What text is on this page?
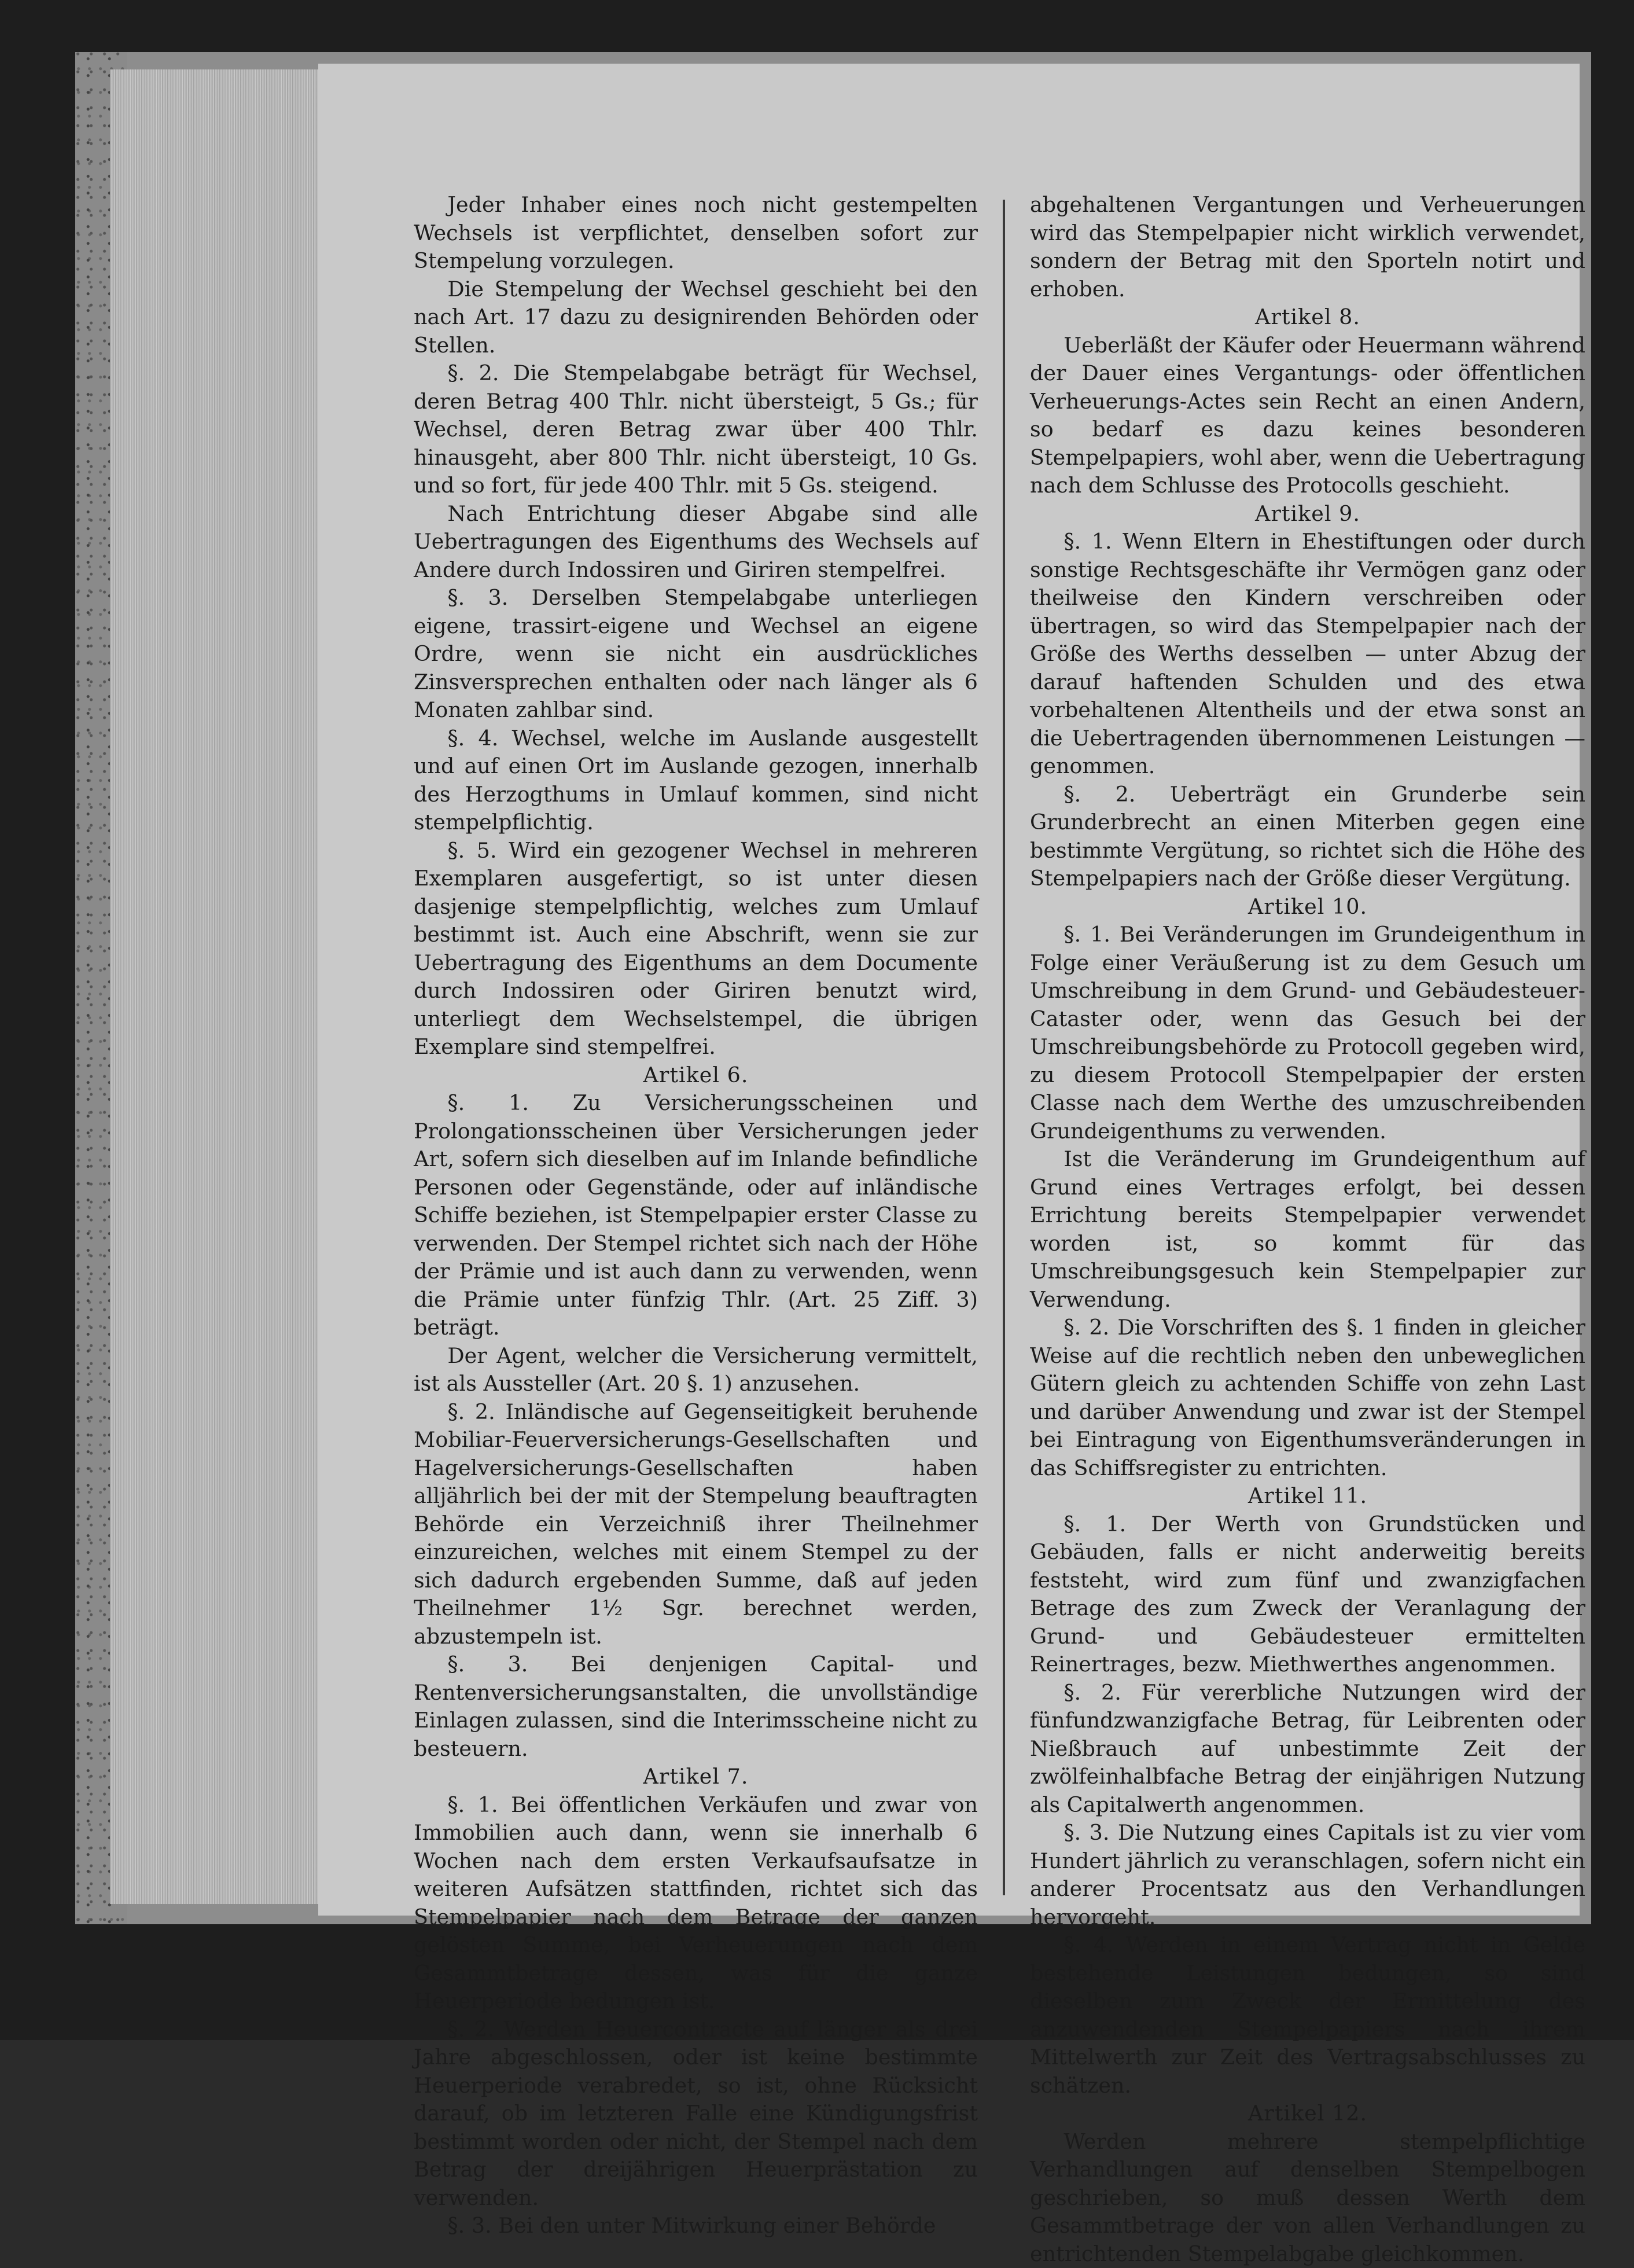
Jeder Inhaber eines noch nicht gestempelten Wechsels ist verpflichtet, denselben sofort zur Stempelung vorzulegen.

Die Stempelung der Wechsel geschieht bei den nach Art. 17 dazu zu designirenden Behörden oder Stellen.

§. 2. Die Stempelabgabe beträgt für Wechsel, deren Betrag 400 Thlr. nicht übersteigt, 5 Gs.; für Wechsel, deren Betrag zwar über 400 Thlr. hinausgeht, aber 800 Thlr. nicht übersteigt, 10 Gs. und so fort, für jede 400 Thlr. mit 5 Gs. steigend.

Nach Entrichtung dieser Abgabe sind alle Uebertragungen des Eigenthums des Wechsels auf Andere durch Indossiren und Giriren stempelfrei.

§. 3. Derselben Stempelabgabe unterliegen eigene, trassirt-eigene und Wechsel an eigene Ordre, wenn sie nicht ein ausdrückliches Zinsversprechen enthalten oder nach länger als 6 Monaten zahlbar sind.

§. 4. Wechsel, welche im Auslande ausgestellt und auf einen Ort im Auslande gezogen, innerhalb des Herzogthums in Umlauf kommen, sind nicht stempelpflichtig.

§. 5. Wird ein gezogener Wechsel in mehreren Exemplaren ausgefertigt, so ist unter diesen dasjenige stempelpflichtig, welches zum Umlauf bestimmt ist. Auch eine Abschrift, wenn sie zur Uebertragung des Eigenthums an dem Documente durch Indossiren oder Giriren benutzt wird, unterliegt dem Wechselstempel, die übrigen Exemplare sind stempelfrei.

Artikel 6.

§. 1. Zu Versicherungsscheinen und Prolongationsscheinen über Versicherungen jeder Art, sofern sich dieselben auf im Inlande befindliche Personen oder Gegenstände, oder auf inländische Schiffe beziehen, ist Stempelpapier erster Classe zu verwenden. Der Stempel richtet sich nach der Höhe der Prämie und ist auch dann zu verwenden, wenn die Prämie unter fünfzig Thlr. (Art. 25 Ziff. 3) beträgt.

Der Agent, welcher die Versicherung vermittelt, ist als Aussteller (Art. 20 §. 1) anzusehen.

§. 2. Inländische auf Gegenseitigkeit beruhende Mobiliar-Feuerversicherungs-Gesellschaften und Hagelversicherungs-Gesellschaften haben alljährlich bei der mit der Stempelung beauftragten Behörde ein Verzeichniß ihrer Theilnehmer einzureichen, welches mit einem Stempel zu der sich dadurch ergebenden Summe, daß auf jeden Theilnehmer 1½ Sgr. berechnet werden, abzustempeln ist.

§. 3. Bei denjenigen Capital- und Rentenversicherungsanstalten, die unvollständige Einlagen zulassen, sind die Interimsscheine nicht zu besteuern.

Artikel 7.

§. 1. Bei öffentlichen Verkäufen und zwar von Immobilien auch dann, wenn sie innerhalb 6 Wochen nach dem ersten Verkaufsaufsatze in weiteren Aufsätzen stattfinden, richtet sich das Stempelpapier nach dem Betrage der ganzen gelösten Summe, bei Verheuerungen nach dem Gesammtbetrage dessen, was für die ganze Heuerperiode bedungen ist.

§. 2. Werden Heuercontracte auf länger als drei Jahre abgeschlossen, oder ist keine bestimmte Heuerperiode verabredet, so ist, ohne Rücksicht darauf, ob im letzteren Falle eine Kündigungsfrist bestimmt worden oder nicht, der Stempel nach dem Betrag der dreijährigen Heuerprästation zu verwenden.

§. 3. Bei den unter Mitwirkung einer Behörde

abgehaltenen Vergantungen und Verheuerungen wird das Stempelpapier nicht wirklich verwendet, sondern der Betrag mit den Sporteln notirt und erhoben.

Artikel 8.

Ueberläßt der Käufer oder Heuermann während der Dauer eines Vergantungs- oder öffentlichen Verheuerungs-Actes sein Recht an einen Andern, so bedarf es dazu keines besonderen Stempelpapiers, wohl aber, wenn die Uebertragung nach dem Schlusse des Protocolls geschieht.

Artikel 9.

§. 1. Wenn Eltern in Ehestiftungen oder durch sonstige Rechtsgeschäfte ihr Vermögen ganz oder theilweise den Kindern verschreiben oder übertragen, so wird das Stempelpapier nach der Größe des Werths desselben — unter Abzug der darauf haftenden Schulden und des etwa vorbehaltenen Altentheils und der etwa sonst an die Uebertragenden übernommenen Leistungen — genommen.

§. 2. Ueberträgt ein Grunderbe sein Grunderbrecht an einen Miterben gegen eine bestimmte Vergütung, so richtet sich die Höhe des Stempelpapiers nach der Größe dieser Vergütung.

Artikel 10.

§. 1. Bei Veränderungen im Grundeigenthum in Folge einer Veräußerung ist zu dem Gesuch um Umschreibung in dem Grund- und Gebäudesteuer-Cataster oder, wenn das Gesuch bei der Umschreibungsbehörde zu Protocoll gegeben wird, zu diesem Protocoll Stempelpapier der ersten Classe nach dem Werthe des umzuschreibenden Grundeigenthums zu verwenden.

Ist die Veränderung im Grundeigenthum auf Grund eines Vertrages erfolgt, bei dessen Errichtung bereits Stempelpapier verwendet worden ist, so kommt für das Umschreibungsgesuch kein Stempelpapier zur Verwendung.

§. 2. Die Vorschriften des §. 1 finden in gleicher Weise auf die rechtlich neben den unbeweglichen Gütern gleich zu achtenden Schiffe von zehn Last und darüber Anwendung und zwar ist der Stempel bei Eintragung von Eigenthumsveränderungen in das Schiffsregister zu entrichten.

Artikel 11.

§. 1. Der Werth von Grundstücken und Gebäuden, falls er nicht anderweitig bereits feststeht, wird zum fünf und zwanzigfachen Betrage des zum Zweck der Veranlagung der Grund- und Gebäudesteuer ermittelten Reinertrages, bezw. Miethwerthes angenommen.

§. 2. Für vererbliche Nutzungen wird der fünfundzwanzigfache Betrag, für Leibrenten oder Nießbrauch auf unbestimmte Zeit der zwölfeinhalbfache Betrag der einjährigen Nutzung als Capitalwerth angenommen.

§. 3. Die Nutzung eines Capitals ist zu vier vom Hundert jährlich zu veranschlagen, sofern nicht ein anderer Procentsatz aus den Verhandlungen hervorgeht.

§. 4. Werden in einem Vertrag nicht in Gelde bestehende Leistungen bedungen, so sind dieselben zum Zweck der Ermittelung des anzuwendenden Stempelpapiers nach ihrem Mittelwerth zur Zeit des Vertragsabschlusses zu schätzen.

Artikel 12.

Werden mehrere stempelpflichtige Verhandlungen auf denselben Stempelbogen geschrieben, so muß dessen Werth dem Gesammtbetrage der von allen Verhandlungen zu entrichtenden Stempelabgabe gleichkommen.
